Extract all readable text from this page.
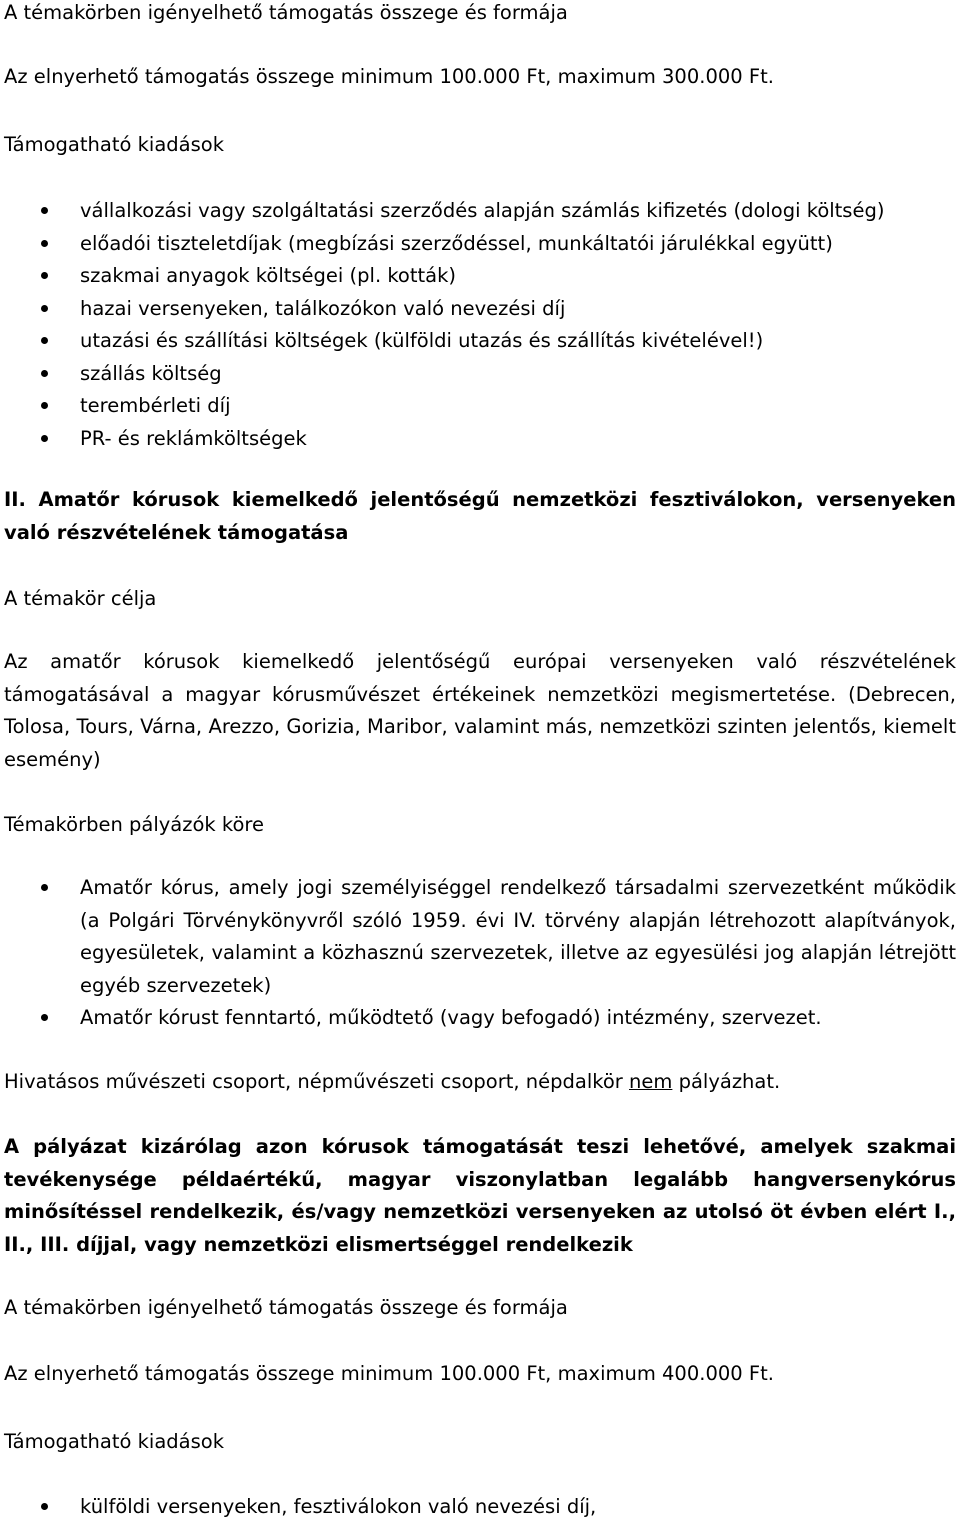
A témakörben igényelhető támogatás összege és formája

Az elnyerhető támogatás összege minimum 100.000 Ft, maximum 300.000 Ft.

Támogatható kiadások

vállalkozási vagy szolgáltatási szerződés alapján számlás kifizetés (dologi költség)
előadói tiszteletdíjak (megbízási szerződéssel, munkáltatói járulékkal együtt)
szakmai anyagok költségei (pl. kották)
hazai versenyeken, találkozókon való nevezési díj
utazási és szállítási költségek (külföldi utazás és szállítás kivételével!)
szállás költség
terembérleti díj
PR- és reklámköltségek

II. Amatőr kórusok kiemelkedő jelentőségű nemzetközi fesztiválokon, versenyeken való részvételének támogatása

A témakör célja

Az amatőr kórusok kiemelkedő jelentőségű európai versenyeken való részvételének támogatásával a magyar kórusművészet értékeinek nemzetközi megismertetése. (Debrecen, Tolosa, Tours, Várna, Arezzo, Gorizia, Maribor, valamint más, nemzetközi szinten jelentős, kiemelt esemény)

Témakörben pályázók köre

Amatőr kórus, amely jogi személyiséggel rendelkező társadalmi szervezetként működik (a Polgári Törvénykönyvről szóló 1959. évi IV. törvény alapján létrehozott alapítványok, egyesületek, valamint a közhasznú szervezetek, illetve az egyesülési jog alapján létrejött egyéb szervezetek)
Amatőr kórust fenntartó, működtető (vagy befogadó) intézmény, szervezet.

Hivatásos művészeti csoport, népművészeti csoport, népdalkör nem pályázhat.

A pályázat kizárólag azon kórusok támogatását teszi lehetővé, amelyek szakmai tevékenysége példaértékű, magyar viszonylatban legalább hangversenykórus minősítéssel rendelkezik, és/vagy nemzetközi versenyeken az utolsó öt évben elért I., II., III. díjjal, vagy nemzetközi elismertséggel rendelkezik

A témakörben igényelhető támogatás összege és formája

Az elnyerhető támogatás összege minimum 100.000 Ft, maximum 400.000 Ft.

Támogatható kiadások

külföldi versenyeken, fesztiválokon való nevezési díj,
